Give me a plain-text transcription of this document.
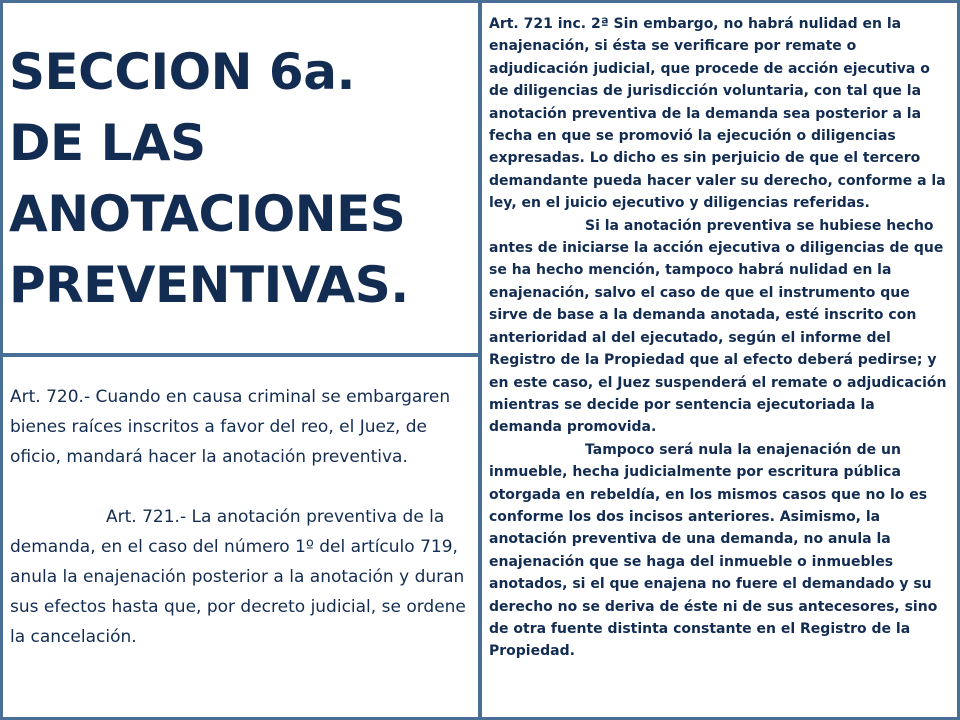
SECCION 6a.
DE LAS
ANOTACIONES
PREVENTIVAS.

Art. 720.- Cuando en causa criminal se embargaren bienes raíces inscritos a favor del reo, el Juez, de oficio, mandará hacer la anotación preventiva.

Art. 721.- La anotación preventiva de la demanda, en el caso del número 1º del artículo 719, anula la enajenación posterior a la anotación y duran sus efectos hasta que, por decreto judicial, se ordene la cancelación.

Art. 721 inc. 2ª Sin embargo, no habrá nulidad en la enajenación, si ésta se verificare por remate o adjudicación judicial, que procede de acción ejecutiva o de diligencias de jurisdicción voluntaria, con tal que la anotación preventiva de la demanda sea posterior a la fecha en que se promovió la ejecución o diligencias expresadas. Lo dicho es sin perjuicio de que el tercero demandante pueda hacer valer su derecho, conforme a la ley, en el juicio ejecutivo y diligencias referidas.

Si la anotación preventiva se hubiese hecho antes de iniciarse la acción ejecutiva o diligencias de que se ha hecho mención, tampoco habrá nulidad en la enajenación, salvo el caso de que el instrumento que sirve de base a la demanda anotada, esté inscrito con anterioridad al del ejecutado, según el informe del Registro de la Propiedad que al efecto deberá pedirse; y en este caso, el Juez suspenderá el remate o adjudicación mientras se decide por sentencia ejecutoriada la demanda promovida.

Tampoco será nula la enajenación de un inmueble, hecha judicialmente por escritura pública otorgada en rebeldía, en los mismos casos que no lo es conforme los dos incisos anteriores. Asimismo, la anotación preventiva de una demanda, no anula la enajenación que se haga del inmueble o inmuebles anotados, si el que enajena no fuere el demandado y su derecho no se deriva de éste ni de sus antecesores, sino de otra fuente distinta constante en el Registro de la Propiedad.
